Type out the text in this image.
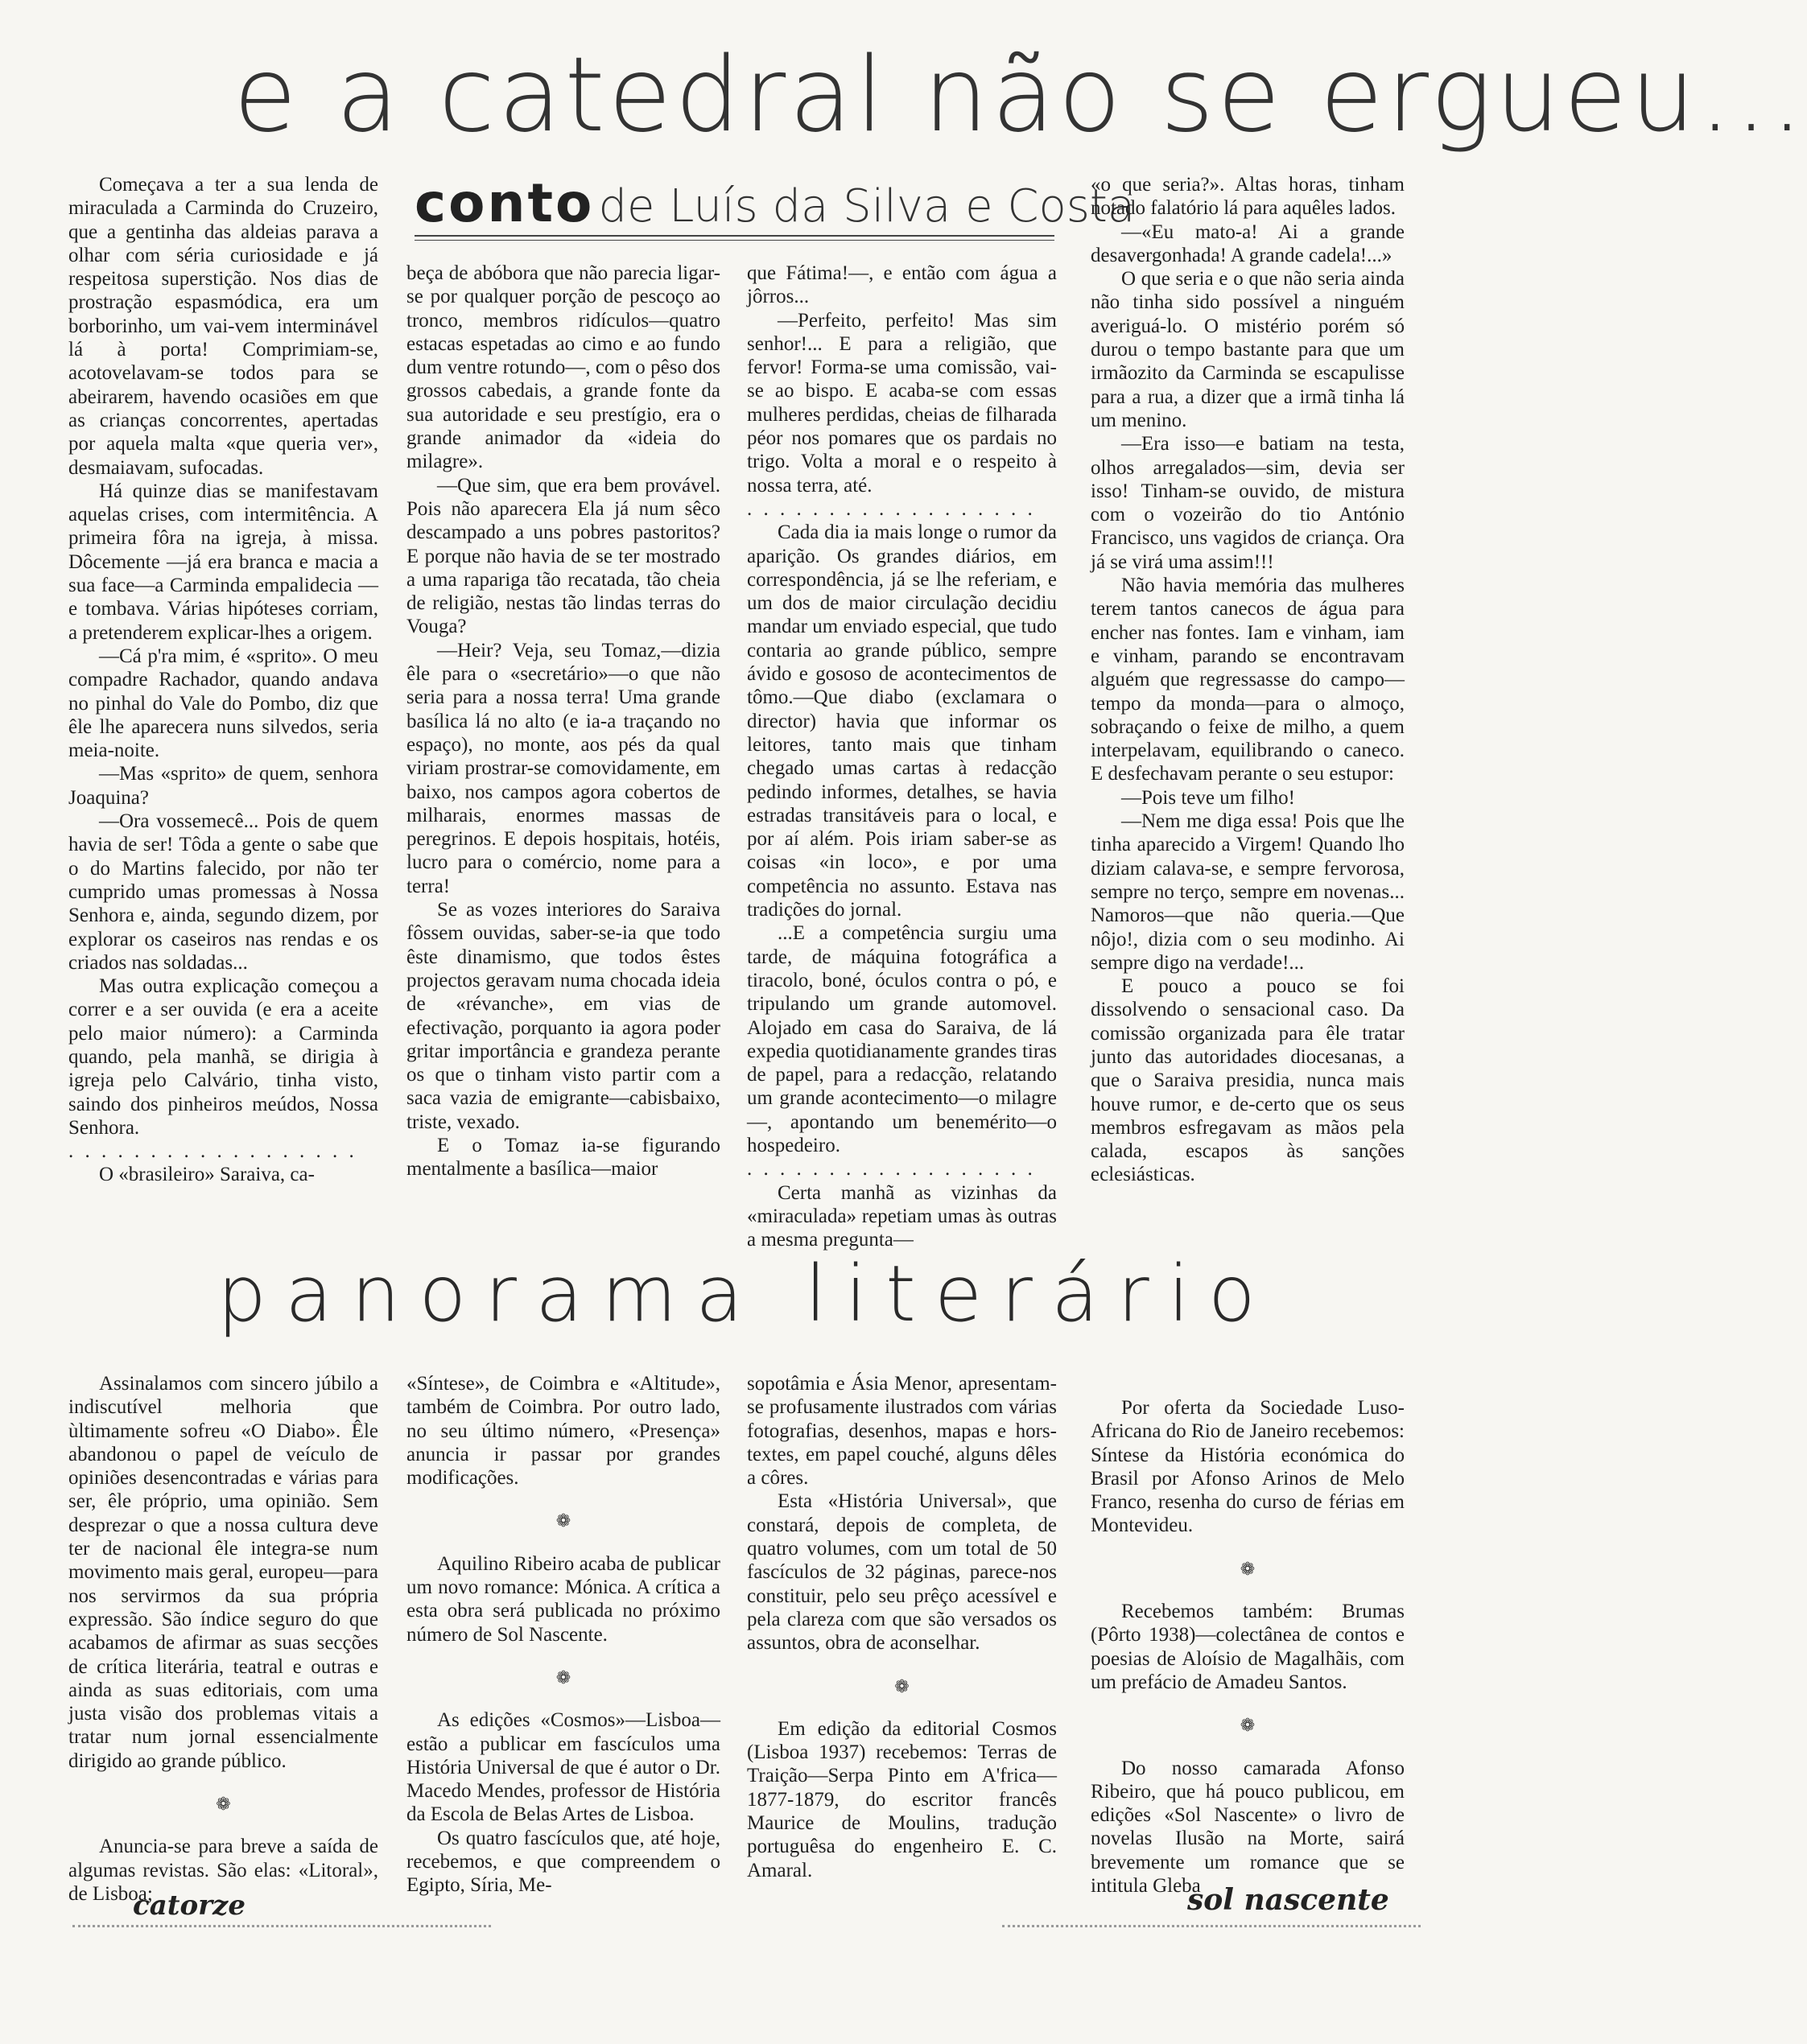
e a catedral não se ergueu...
conto de Luís da Silva e Costa

Começava a ter a sua lenda de miraculada a Carminda do Cruzeiro, que a gentinha das aldeias parava a olhar com séria curiosidade e já respeitosa superstição. Nos dias de prostração espasmódica, era um borborinho, um vai-vem interminável lá à porta! Comprimiam-se, acotovelavam-se todos para se abeirarem, havendo ocasiões em que as crianças concorrentes, apertadas por aquela malta «que queria ver», desmaiavam, sufocadas.

Há quinze dias se manifestavam aquelas crises, com intermitência. A primeira fôra na igreja, à missa. Dôcemente —já era branca e macia a sua face—a Carminda empalidecia —e tombava. Várias hipóteses corriam, a pretenderem explicar-lhes a origem.

—Cá p'ra mim, é «sprito». O meu compadre Rachador, quando andava no pinhal do Vale do Pombo, diz que êle lhe aparecera nuns silvedos, seria meia-noite.

—Mas «sprito» de quem, senhora Joaquina?

—Ora vossemecê... Pois de quem havia de ser! Tôda a gente o sabe que o do Martins falecido, por não ter cumprido umas promessas à Nossa Senhora e, ainda, segundo dizem, por explorar os caseiros nas rendas e os criados nas soldadas...

Mas outra explicação começou a correr e a ser ouvida (e era a aceite pelo maior número): a Carminda quando, pela manhã, se dirigia à igreja pelo Calvário, tinha visto, saindo dos pinheiros meúdos, Nossa Senhora.

. . . . . . . . . . . . . . . . . .

O «brasileiro» Saraiva, ca-

beça de abóbora que não parecia ligar-se por qualquer porção de pescoço ao tronco, membros ridículos—quatro estacas espetadas ao cimo e ao fundo dum ventre rotundo—, com o pêso dos grossos cabedais, a grande fonte da sua autoridade e seu prestígio, era o grande animador da «ideia do milagre».

—Que sim, que era bem provável. Pois não aparecera Ela já num sêco descampado a uns pobres pastoritos? E porque não havia de se ter mostrado a uma rapariga tão recatada, tão cheia de religião, nestas tão lindas terras do Vouga?

—Heir? Veja, seu Tomaz,—dizia êle para o «secretário»—o que não seria para a nossa terra! Uma grande basílica lá no alto (e ia-a traçando no espaço), no monte, aos pés da qual viriam prostrar-se comovidamente, em baixo, nos campos agora cobertos de milharais, enormes massas de peregrinos. E depois hospitais, hotéis, lucro para o comércio, nome para a terra!

Se as vozes interiores do Saraiva fôssem ouvidas, saber-se-ia que todo êste dinamismo, que todos êstes projectos geravam numa chocada ideia de «révanche», em vias de efectivação, porquanto ia agora poder gritar importância e grandeza perante os que o tinham visto partir com a saca vazia de emigrante—cabisbaixo, triste, vexado.

E o Tomaz ia-se figurando mentalmente a basílica—maior

que Fátima!—, e então com água a jôrros...

—Perfeito, perfeito! Mas sim senhor!... E para a religião, que fervor! Forma-se uma comissão, vai-se ao bispo. E acaba-se com essas mulheres perdidas, cheias de filharada péor nos pomares que os pardais no trigo. Volta a moral e o respeito à nossa terra, até.

. . . . . . . . . . . . . . . . . .

Cada dia ia mais longe o rumor da aparição. Os grandes diários, em correspondência, já se lhe referiam, e um dos de maior circulação decidiu mandar um enviado especial, que tudo contaria ao grande público, sempre ávido e gososo de acontecimentos de tômo.—Que diabo (exclamara o director) havia que informar os leitores, tanto mais que tinham chegado umas cartas à redacção pedindo informes, detalhes, se havia estradas transitáveis para o local, e por aí além. Pois iriam saber-se as coisas «in loco», e por uma competência no assunto. Estava nas tradições do jornal.

...E a competência surgiu uma tarde, de máquina fotográfica a tiracolo, boné, óculos contra o pó, e tripulando um grande automovel. Alojado em casa do Saraiva, de lá expedia quotidianamente grandes tiras de papel, para a redacção, relatando um grande acontecimento—o milagre—, apontando um benemérito—o hospedeiro.

. . . . . . . . . . . . . . . . . .

Certa manhã as vizinhas da «miraculada» repetiam umas às outras a mesma pregunta—

«o que seria?». Altas horas, tinham notado falatório lá para aquêles lados.

—«Eu mato-a! Ai a grande desavergonhada! A grande cadela!...»

O que seria e o que não seria ainda não tinha sido possível a ninguém averiguá-lo. O mistério porém só durou o tempo bastante para que um irmãozito da Carminda se escapulisse para a rua, a dizer que a irmã tinha lá um menino.

—Era isso—e batiam na testa, olhos arregalados—sim, devia ser isso! Tinham-se ouvido, de mistura com o vozeirão do tio António Francisco, uns vagidos de criança. Ora já se virá uma assim!!!

Não havia memória das mulheres terem tantos canecos de água para encher nas fontes. Iam e vinham, iam e vinham, parando se encontravam alguém que regressasse do campo—tempo da monda—para o almoço, sobraçando o feixe de milho, a quem interpelavam, equilibrando o caneco. E desfechavam perante o seu estupor:

—Pois teve um filho!

—Nem me diga essa! Pois que lhe tinha aparecido a Virgem! Quando lho diziam calava-se, e sempre fervorosa, sempre no terço, sempre em novenas... Namoros—que não queria.—Que nôjo!, dizia com o seu modinho. Ai sempre digo na verdade!...

E pouco a pouco se foi dissolvendo o sensacional caso. Da comissão organizada para êle tratar junto das autoridades diocesanas, a que o Saraiva presidia, nunca mais houve rumor, e de-certo que os seus membros esfregavam as mãos pela calada, escapos às sanções eclesiásticas.

p a n o r a m a
l i t e r á r i o

Assinalamos com sincero júbilo a indiscutível melhoria que ùltimamente sofreu «O Diabo». Êle abandonou o papel de veículo de opiniões desencontradas e várias para ser, êle próprio, uma opinião. Sem desprezar o que a nossa cultura deve ter de nacional êle integra-se num movimento mais geral, europeu—para nos servirmos da sua própria expressão. São índice seguro do que acabamos de afirmar as suas secções de crítica literária, teatral e outras e ainda as suas editoriais, com uma justa visão dos problemas vitais a tratar num jornal essencialmente dirigido ao grande público.

❁

Anuncia-se para breve a saída de algumas revistas. São elas: «Litoral», de Lisboa;

«Síntese», de Coimbra e «Altitude», também de Coimbra. Por outro lado, no seu último número, «Presença» anuncia ir passar por grandes modificações.

❁

Aquilino Ribeiro acaba de publicar um novo romance: Mónica. A crítica a esta obra será publicada no próximo número de Sol Nascente.

❁

As edições «Cosmos»—Lisboa—estão a publicar em fascículos uma História Universal de que é autor o Dr. Macedo Mendes, professor de História da Escola de Belas Artes de Lisboa.

Os quatro fascículos que, até hoje, recebemos, e que compreendem o Egipto, Síria, Me-

sopotâmia e Ásia Menor, apresentam-se profusamente ilustrados com várias fotografias, desenhos, mapas e hors-textes, em papel couché, alguns dêles a côres.

Esta «História Universal», que constará, depois de completa, de quatro volumes, com um total de 50 fascículos de 32 páginas, parece-nos constituir, pelo seu prêço acessível e pela clareza com que são versados os assuntos, obra de aconselhar.

❁

Em edição da editorial Cosmos (Lisboa 1937) recebemos: Terras de Traição—Serpa Pinto em A'frica—1877-1879, do escritor francês Maurice de Moulins, tradução portuguêsa do engenheiro E. C. Amaral.

Por oferta da Sociedade Luso-Africana do Rio de Janeiro recebemos: Síntese da História económica do Brasil por Afonso Arinos de Melo Franco, resenha do curso de férias em Montevideu.

❁

Recebemos também: Brumas (Pôrto 1938)—colectânea de contos e poesias de Aloísio de Magalhãis, com um prefácio de Amadeu Santos.

❁

Do nosso camarada Afonso Ribeiro, que há pouco publicou, em edições «Sol Nascente» o livro de novelas Ilusão na Morte, sairá brevemente um romance que se intitula Gleba

catorze	sol nascente
